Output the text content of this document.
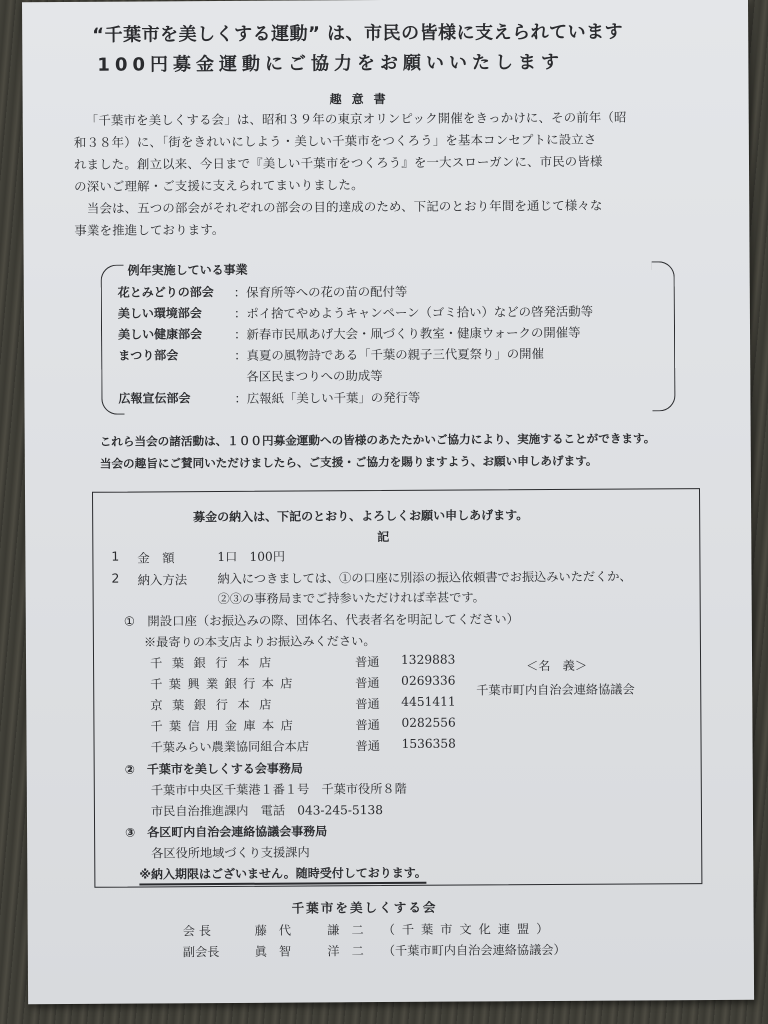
“千葉市を美しくする運動” は、市民の皆様に支えられています
100円募金運動にご協力をお願いいたします
趣意書
「千葉市を美しくする会」は、昭和３９年の東京オリンピック開催をきっかけに、その前年（昭
和３８年）に、「街をきれいにしよう・美しい千葉市をつくろう」を基本コンセプトに設立さ
れました。創立以来、今日まで『美しい千葉市をつくろう』を一大スローガンに、市民の皆様
の深いご理解・ご支援に支えられてまいりました。
　当会は、五つの部会がそれぞれの部会の目的達成のため、下記のとおり年間を通じて様々な
事業を推進しております。
例年実施している事業
花とみどりの部会 ：保育所等への花の苗の配付等
美しい環境部会	：ポイ捨てやめようキャンペーン（ゴミ拾い）などの啓発活動等
美しい健康部会	：新春市民凧あげ大会・凧づくり教室・健康ウォークの開催等
まつり部会	：真夏の風物詩である「千葉の親子三代夏祭り」の開催
各区民まつりへの助成等
広報宣伝部会	：広報紙「美しい千葉」の発行等
これら当会の諸活動は、１００円募金運動への皆様のあたたかいご協力により、実施することができます。
当会の趣旨にご賛同いただけましたら、ご支援・ご協力を賜りますよう、お願い申しあげます。
募金の納入は、下記のとおり、よろしくお願い申しあげます。
記
1 金　額	1口　100円
2 納入方法 納入につきましては、①の口座に別添の振込依頼書でお振込みいただくか、
②③の事務局までご持参いただければ幸甚です。
①　開設口座（お振込みの際、団体名、代表者名を明記してください）
※最寄りの本支店よりお振込みください。
千葉銀行本店	普通 1329883
千葉興業銀行本店	普通 0269336
京葉銀行本店	普通 4451411
千葉信用金庫本店	普通 0282556
千葉みらい農業協同組合本店	普通 1536358
＜名　義＞
千葉市町内自治会連絡協議会
②　千葉市を美しくする会事務局
千葉市中央区千葉港１番１号　千葉市役所８階
市民自治推進課内　電話　043-245-5138
③　各区町内自治会連絡協議会事務局
各区役所地域づくり支援課内
※納入期限はございません。随時受付しております。
千葉市を美しくする会
会長	藤代　謙二 （千葉市文化連盟）
副会長	眞智　洋二 （千葉市町内自治会連絡協議会）
